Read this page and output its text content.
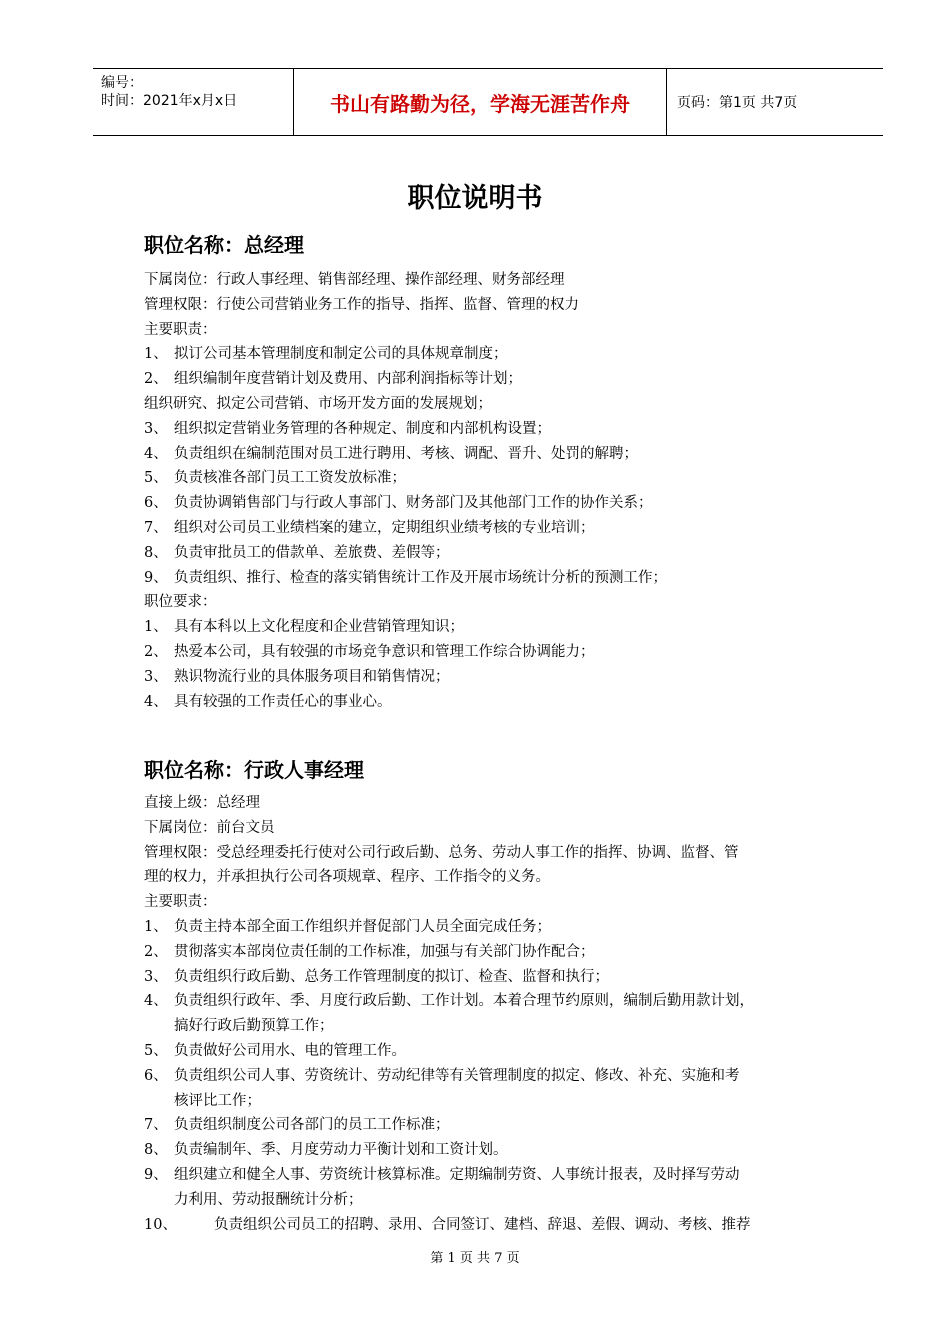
编号：
时间：2021年x月x日	书山有路勤为径，学海无涯苦作舟	页码：第1页 共7页
职位说明书
职位名称：总经理
下属岗位：行政人事经理、销售部经理、操作部经理、财务部经理
管理权限：行使公司营销业务工作的指导、指挥、监督、管理的权力
主要职责：
1、 拟订公司基本管理制度和制定公司的具体规章制度；
2、 组织编制年度营销计划及费用、内部利润指标等计划；
组织研究、拟定公司营销、市场开发方面的发展规划；
3、 组织拟定营销业务管理的各种规定、制度和内部机构设置；
4、 负责组织在编制范围对员工进行聘用、考核、调配、晋升、处罚的解聘；
5、 负责核准各部门员工工资发放标准；
6、 负责协调销售部门与行政人事部门、财务部门及其他部门工作的协作关系；
7、 组织对公司员工业绩档案的建立，定期组织业绩考核的专业培训；
8、 负责审批员工的借款单、差旅费、差假等；
9、 负责组织、推行、检查的落实销售统计工作及开展市场统计分析的预测工作；
职位要求：
1、 具有本科以上文化程度和企业营销管理知识；
2、 热爱本公司，具有较强的市场竞争意识和管理工作综合协调能力；
3、 熟识物流行业的具体服务项目和销售情况；
4、 具有较强的工作责任心的事业心。
职位名称：行政人事经理
直接上级：总经理
下属岗位：前台文员
管理权限：受总经理委托行使对公司行政后勤、总务、劳动人事工作的指挥、协调、监督、管
理的权力，并承担执行公司各项规章、程序、工作指令的义务。
主要职责：
1、 负责主持本部全面工作组织并督促部门人员全面完成任务；
2、 贯彻落实本部岗位责任制的工作标准，加强与有关部门协作配合；
3、 负责组织行政后勤、总务工作管理制度的拟订、检查、监督和执行；
4、 负责组织行政年、季、月度行政后勤、工作计划。本着合理节约原则，编制后勤用款计划，
搞好行政后勤预算工作；
5、 负责做好公司用水、电的管理工作。
6、 负责组织公司人事、劳资统计、劳动纪律等有关管理制度的拟定、修改、补充、实施和考
核评比工作；
7、 负责组织制度公司各部门的员工工作标准；
8、 负责编制年、季、月度劳动力平衡计划和工资计划。
9、 组织建立和健全人事、劳资统计核算标准。定期编制劳资、人事统计报表，及时择写劳动
力利用、劳动报酬统计分析；
10、	负责组织公司员工的招聘、录用、合同签订、建档、辞退、差假、调动、考核、推荐
第 1 页 共 7 页
